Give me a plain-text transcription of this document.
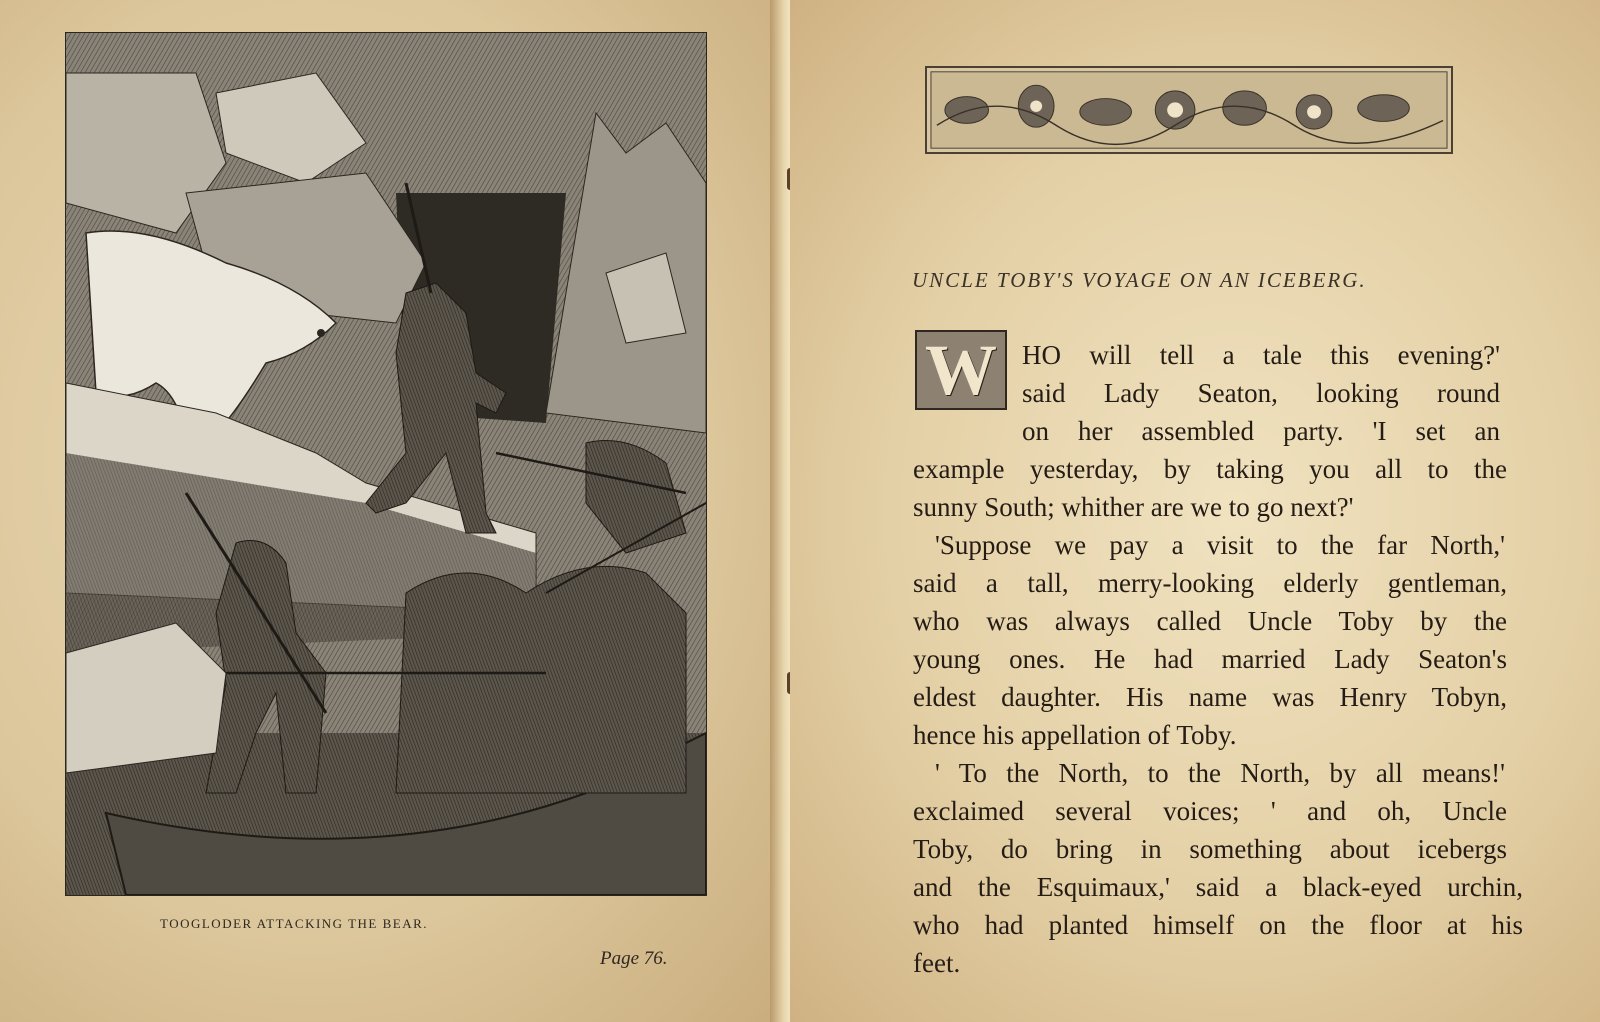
TOOGLODER ATTACKING THE BEAR.
Page 76.
UNCLE TOBY'S VOYAGE ON AN ICEBERG.
W HO will tell a tale this evening?'
said Lady Seaton, looking round
on her assembled party. 'I set an
example yesterday, by taking you all to the
sunny South; whither are we to go next?'
'Suppose we pay a visit to the far North,'
said a tall, merry-looking elderly gentleman,
who was always called Uncle Toby by the
young ones. He had married Lady Seaton's
eldest daughter. His name was Henry Tobyn,
hence his appellation of Toby.
' To the North, to the North, by all means!'
exclaimed several voices; ' and oh, Uncle
Toby, do bring in something about icebergs
and the Esquimaux,' said a black-eyed urchin,
who had planted himself on the floor at his
feet.
